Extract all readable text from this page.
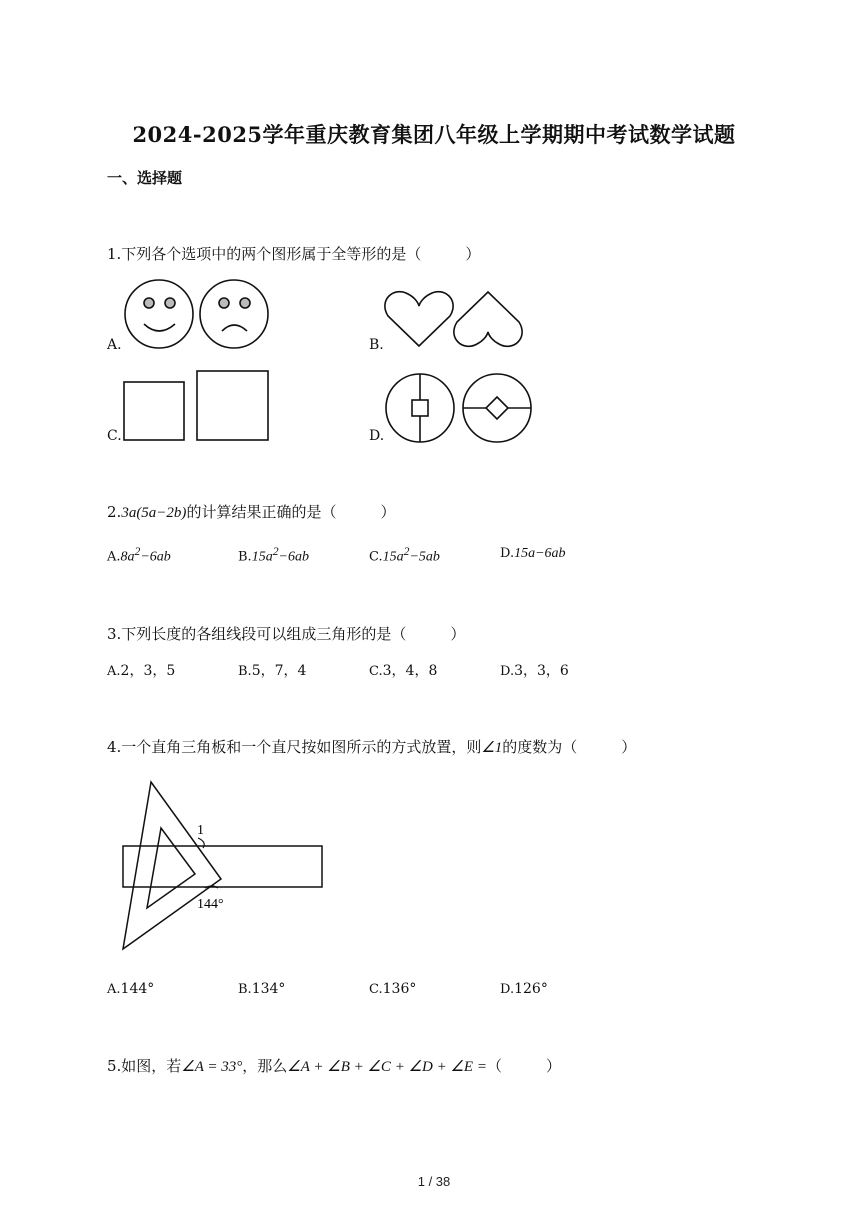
2024-2025学年重庆教育集团八年级上学期期中考试数学试题
一、选择题
1.下列各个选项中的两个图形属于全等形的是（	）
A.	B.
C.	D.
2.3a(5a−2b)的计算结果正确的是（	）
$A.8a^2-6ab$	$B.15a^2-6ab$	$C.15a^2-5ab$	D.15a−6ab
3.下列长度的各组线段可以组成三角形的是（	）
A.2，3，5	B.5，7，4	C.3，4，8	D.3，3，6
4.一个直角三角板和一个直尺按如图所示的方式放置，则∠1的度数为（	）
1
144°
A.144°	B.134°	C.136°	D.126°
5.如图，若∠A = 33°，那么∠A + ∠B + ∠C + ∠D + ∠E =（	）
1 / 38
